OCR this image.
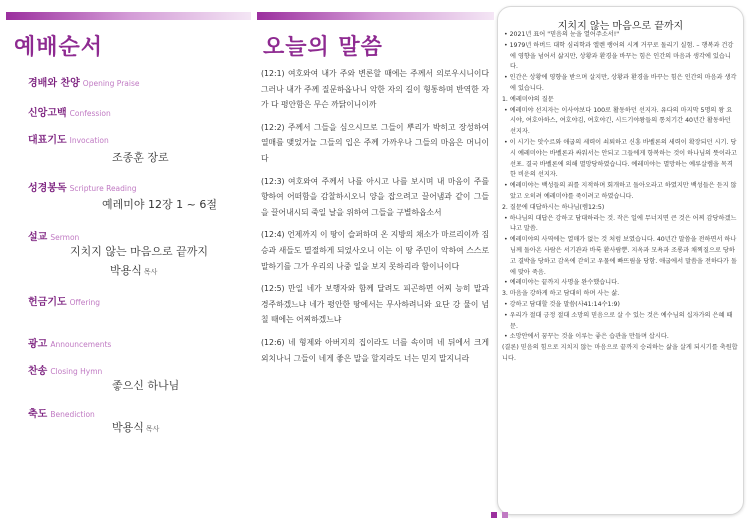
예배순서
경배와 찬양 Opening Praise
신앙고백 Confession
대표기도 Invocation
조종훈 장로
성경봉독 Scripture Reading
예레미야 12장 1 ~ 6절
설교 Sermon
지치지 않는 마음으로 끝까지
박용식 목사
헌금기도 Offering
광고 Announcements
찬송 Closing Hymn
좋으신 하나님
축도 Benediction
박용식 목사
오늘의 말씀

(12:1) 여호와여 내가 주와 변론할 때에는 주께서 의로우시니이다 그러나 내가 주께 질문하옵나니 악한 자의 길이 형통하며 반역한 자가 다 평안함은 무슨 까닭이니이까

(12:2) 주께서 그들을 심으시므로 그들이 뿌리가 박히고 장성하여 열매를 맺었거늘 그들의 입은 주께 가까우나 그들의 마음은 머니이다

(12:3) 여호와여 주께서 나를 아시고 나를 보시며 내 마음이 주를 향하여 어떠함을 감찰하시오니 양을 잡으려고 끌어냄과 같이 그들을 끌어내시되 죽일 날을 위하여 그들을 구별하옵소서

(12:4) 언제까지 이 땅이 슬퍼하며 온 지방의 채소가 마르리이까 짐승과 새들도 멸절하게 되었사오니 이는 이 땅 주민이 악하여 스스로 말하기를 그가 우리의 나중 일을 보지 못하리라 함이니이다

(12:5) 만일 네가 보행자와 함께 달려도 피곤하면 어찌 능히 말과 경주하겠느냐 네가 평안한 땅에서는 무사하려니와 요단 강 물이 넘칠 때에는 어찌하겠느냐

(12:6) 네 형제와 아버지의 집이라도 너를 속이며 네 뒤에서 크게 외치나니 그들이 네게 좋은 말을 할지라도 너는 믿지 말지니라

지치지 않는 마음으로 끝까지
• 2021년 표어 "믿음의 눈을 열어주소서!"
• 1979년 하버드 대학 심리학과 엘렌 랭어의 시계 거꾸로 돌리기 실험. – 행복과 건강에 영향을 넘어서 삶지만, 상황과 환경을 바꾸는 힘은 인간의 마음과 생각에 있습니다.
• 인간은 상황에 영향을 받으며 살지만, 상황과 환경을 바꾸는 힘은 인간의 마음과 생각에 있습니다.
1. 예레미야의 질문
• 예레미야 선지자는 이사야보다 100로 활동하던 선지자. 유다의 마지막 5명의 왕 요시야, 여호아하스, 여호야김, 여호야긴, 시드기야왕들의 통치기간 40년간 활동하던 선지자.
• 이 시기는 앗수르와 애굽의 세력이 쇠퇴하고 신흥 바벨론의 세력이 확장되던 시기. 당시 예레미야는 바벨론과 싸워서는 안되고 그들에게 항복하는 것이 하나님의 뜻이라고 선포. 결국 바벨론에 의해 멸망당하였습니다. 예레미야는 멸망하는 예루살렘을 목격한 비운의 선지자.
• 예레미야는 백성들의 죄를 지적하며 회개하고 돌아오라고 하였지만 백성들은 듣지 않았고 오히려 예레미야를 죽이려고 하였습니다.
2. 질문에 대답하시는 하나님(렘12:5)
• 하나님의 대답은 강하고 담대하라는 것. 작은 일에 무너지면 큰 것은 어찌 감당하겠느냐고 말씀.
• 예레미야의 사역에는 열매가 없는 것 처럼 보였습니다. 40년간 말씀을 전하면서 하나님께 돌아온 사람은 서기관과 바룩 환사람뿐. 지옥과 모욕과 조롱과 채찍질으로 당하고 결박을 당하고 감옥에 갇히고 우물에 빠뜨림을 당함. 애굽에서 말씀을 전하다가 돌에 맞아 죽음.
• 예레미야는 끝까지 사명을 완수했습니다.
3. 마음을 강하게 하고 담대히 하며 사는 삶.
• 강하고 담대할 것을 말씀(사41:14수1:9)
• 우리가 절대 긍정 절대 소망의 믿음으로 살 수 있는 것은 예수님의 십자가의 은혜 때문.
• 소망안에서 꿈꾸는 것을 이루는 좋은 습관을 만들며 삽시다.
(결론) 믿음의 힘으로 지치지 않는 마음으로 끝까지 승리하는 삶을 살게 되시기를 축원합니다.
